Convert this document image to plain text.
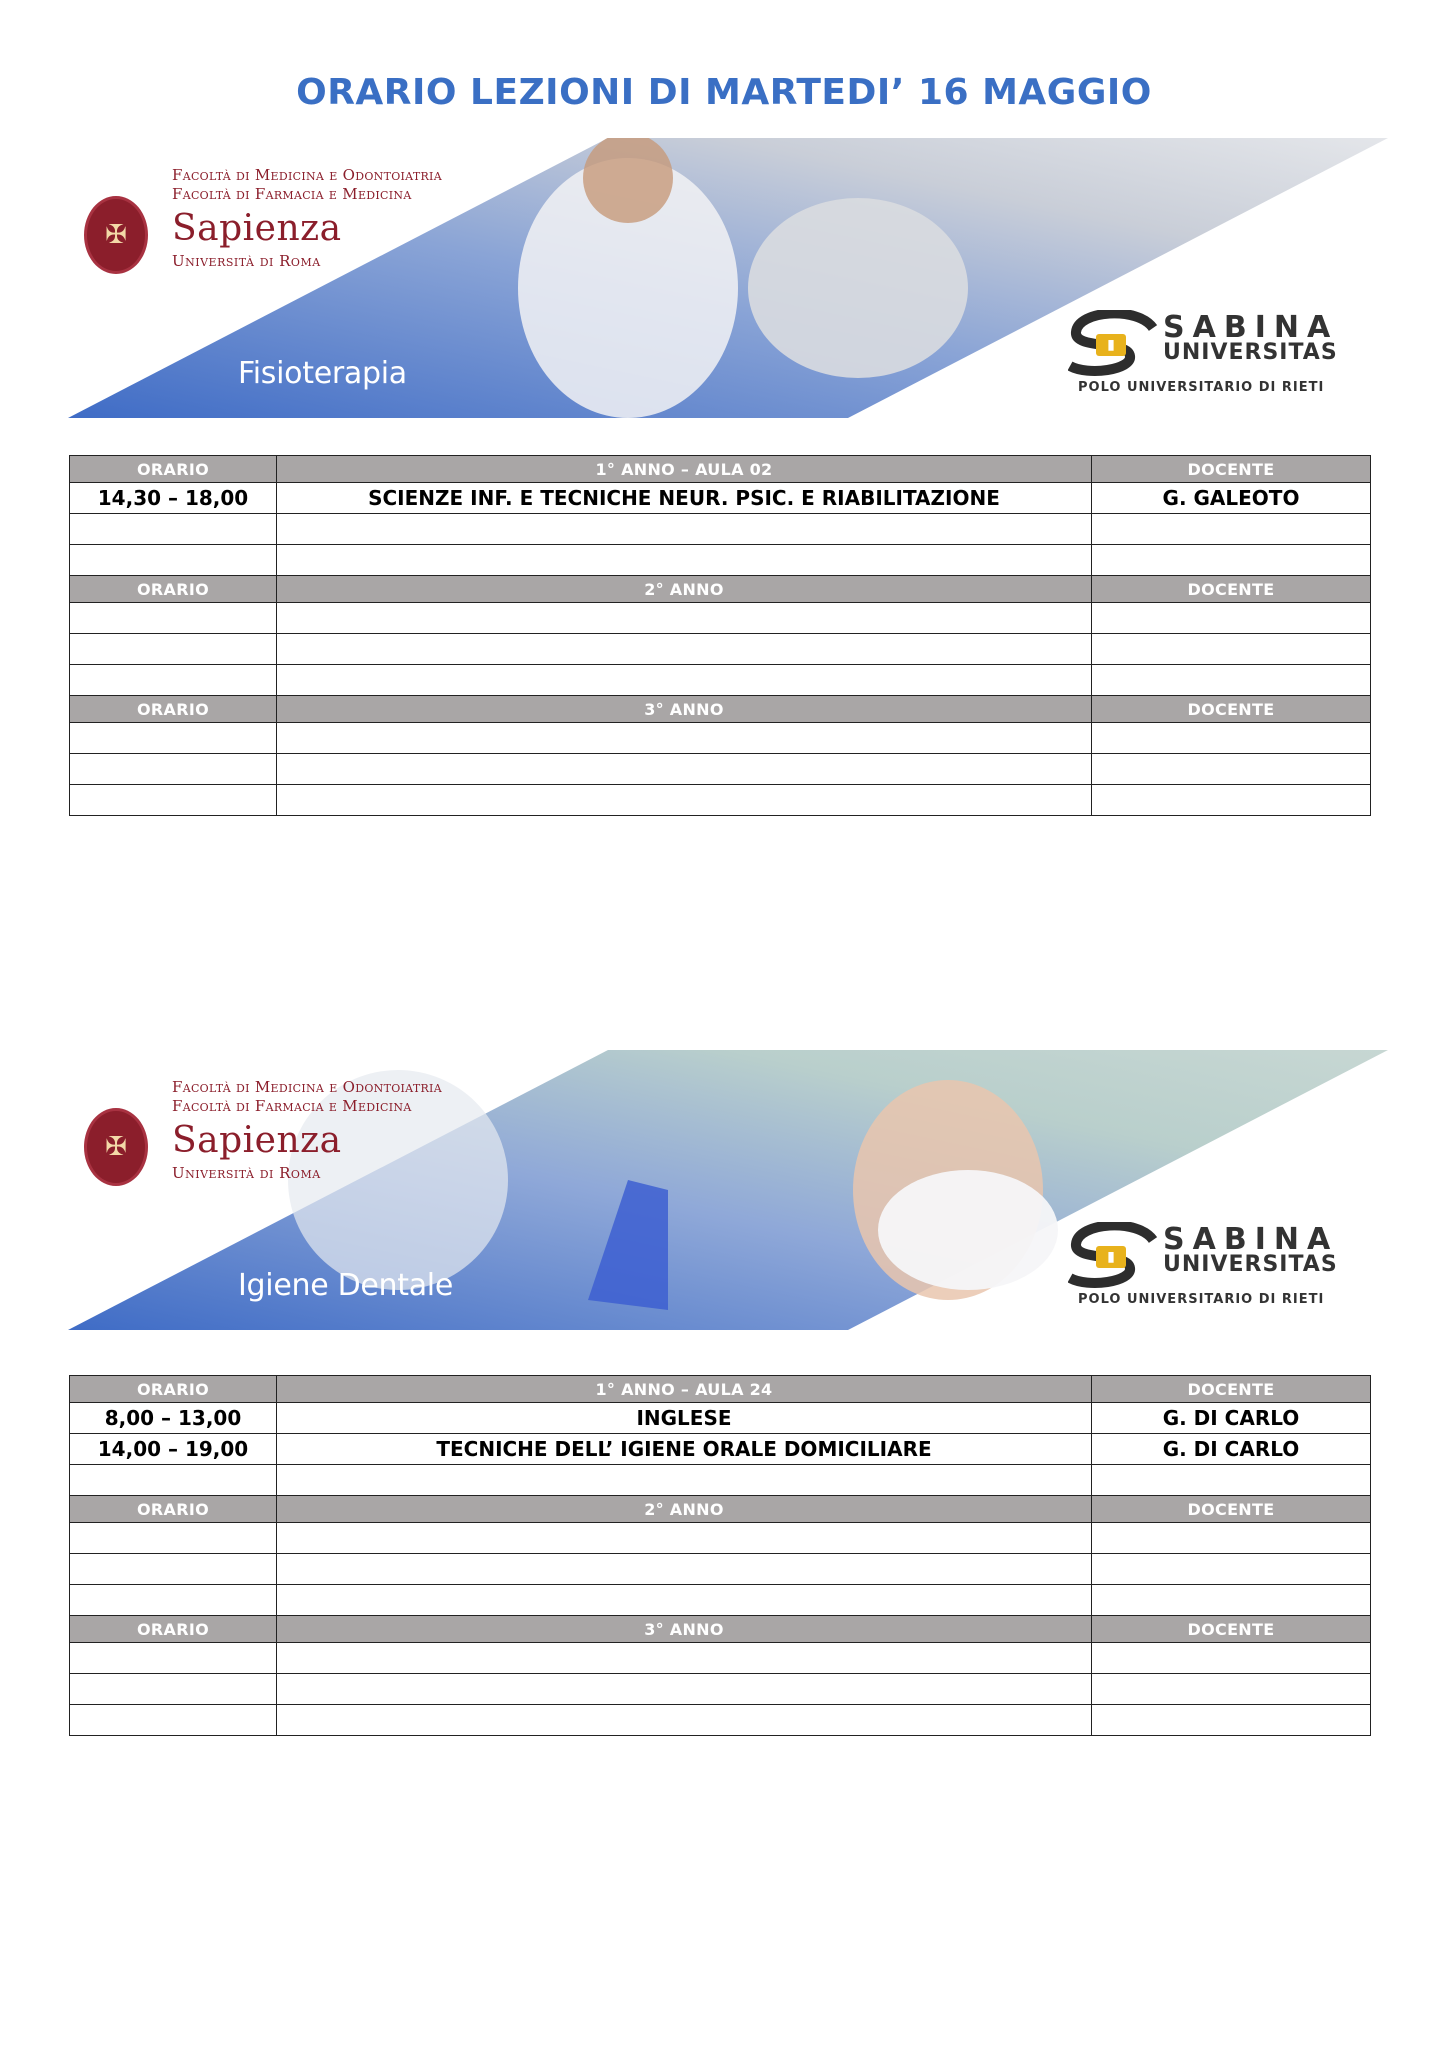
ORARIO LEZIONI DI MARTEDI’ 16 MAGGIO
✠
Facoltà di Medicina e Odontoiatria
Facoltà di Farmacia e Medicina
Sapienza
Università di Roma
Fisioterapia
▮	SABINA
UNIVERSITAS
POLO UNIVERSITARIO DI RIETI
ORARIO	1° ANNO – AULA 02	DOCENTE
14,30 – 18,00	SCIENZE INF. E TECNICHE NEUR. PSIC. E RIABILITAZIONE	G. GALEOTO

ORARIO	2° ANNO	DOCENTE

ORARIO	3° ANNO	DOCENTE

✠
Facoltà di Medicina e Odontoiatria
Facoltà di Farmacia e Medicina
Sapienza
Università di Roma
Igiene Dentale
▮	SABINA
UNIVERSITAS
POLO UNIVERSITARIO DI RIETI
ORARIO	1° ANNO – AULA 24	DOCENTE
8,00 – 13,00	INGLESE	G. DI CARLO
14,00 – 19,00	TECNICHE DELL’ IGIENE ORALE DOMICILIARE	G. DI CARLO

ORARIO	2° ANNO	DOCENTE

ORARIO	3° ANNO	DOCENTE
